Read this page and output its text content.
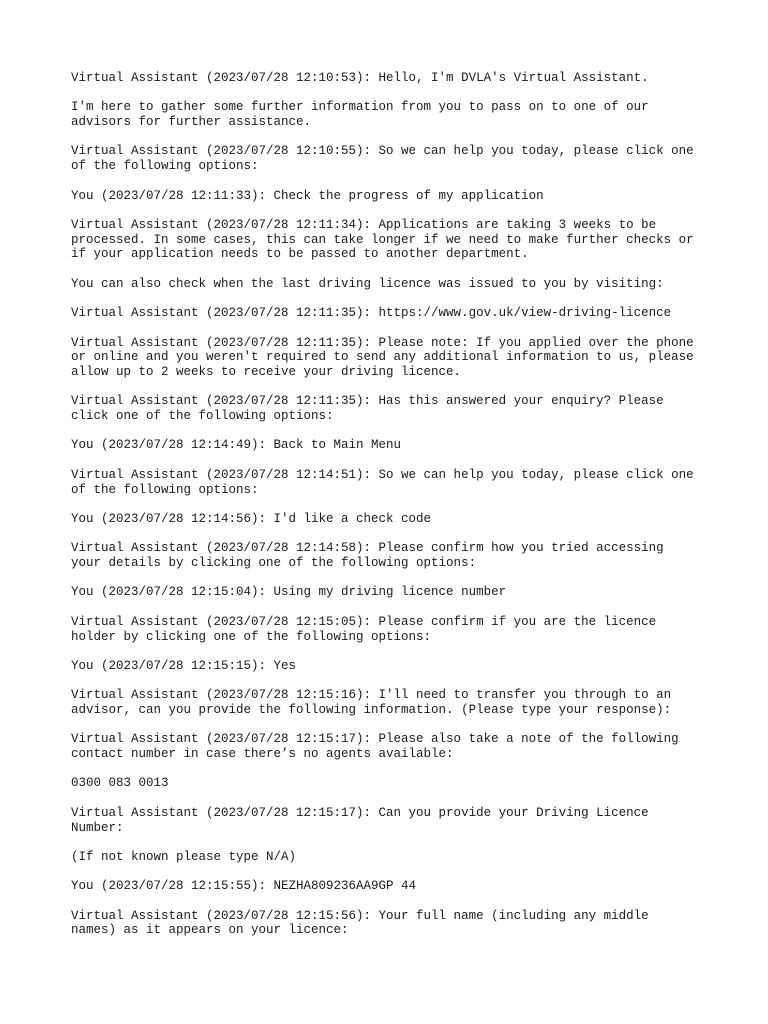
Virtual Assistant (2023/07/28 12:10:53): Hello, I'm DVLA's Virtual Assistant.

I'm here to gather some further information from you to pass on to one of our
advisors for further assistance.

Virtual Assistant (2023/07/28 12:10:55): So we can help you today, please click one
of the following options:

You (2023/07/28 12:11:33): Check the progress of my application

Virtual Assistant (2023/07/28 12:11:34): Applications are taking 3 weeks to be
processed. In some cases, this can take longer if we need to make further checks or
if your application needs to be passed to another department.

You can also check when the last driving licence was issued to you by visiting:

Virtual Assistant (2023/07/28 12:11:35): https://www.gov.uk/view-driving-licence

Virtual Assistant (2023/07/28 12:11:35): Please note: If you applied over the phone
or online and you weren't required to send any additional information to us, please
allow up to 2 weeks to receive your driving licence.

Virtual Assistant (2023/07/28 12:11:35): Has this answered your enquiry? Please
click one of the following options:

You (2023/07/28 12:14:49): Back to Main Menu

Virtual Assistant (2023/07/28 12:14:51): So we can help you today, please click one
of the following options:

You (2023/07/28 12:14:56): I'd like a check code

Virtual Assistant (2023/07/28 12:14:58): Please confirm how you tried accessing
your details by clicking one of the following options:

You (2023/07/28 12:15:04): Using my driving licence number

Virtual Assistant (2023/07/28 12:15:05): Please confirm if you are the licence
holder by clicking one of the following options:

You (2023/07/28 12:15:15): Yes

Virtual Assistant (2023/07/28 12:15:16): I'll need to transfer you through to an
advisor, can you provide the following information. (Please type your response):

Virtual Assistant (2023/07/28 12:15:17): Please also take a note of the following
contact number in case there’s no agents available:

0300 083 0013

Virtual Assistant (2023/07/28 12:15:17): Can you provide your Driving Licence
Number:

(If not known please type N/A)

You (2023/07/28 12:15:55): NEZHA809236AA9GP 44

Virtual Assistant (2023/07/28 12:15:56): Your full name (including any middle
names) as it appears on your licence:
